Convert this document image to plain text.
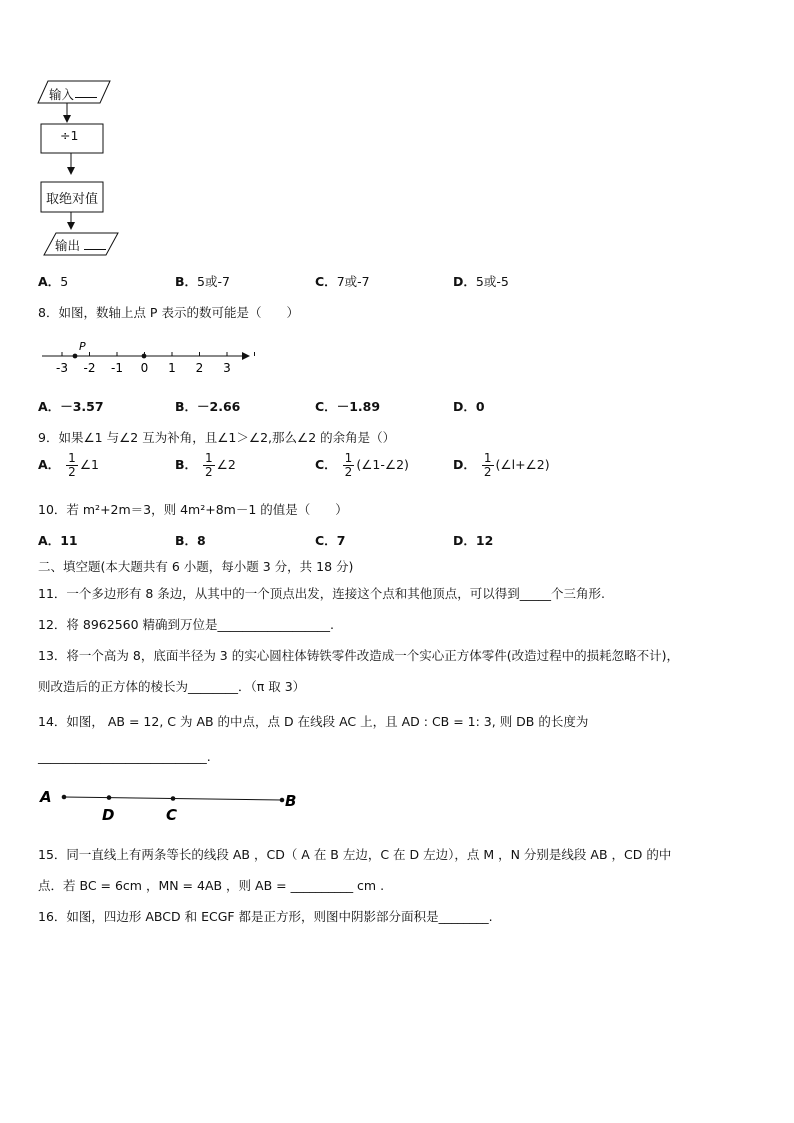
输入
÷1
取绝对值
输出
A．5	B．5或-7	C．7或-7	D．5或-5
8．如图，数轴上点 P 表示的数可能是（　　）
-3 -2 -1 0 1 2 3
P
A．－3.57	B．－2.66	C．－1.89	D．0
9．如果∠1 与∠2 互为补角，且∠1＞∠2,那么∠2 的余角是（）
A． $\frac{1}{2}$ ∠1	B． $\frac{1}{2}$ ∠2	C． $\frac{1}{2}$ (∠1-∠2)	D． $\frac{1}{2}$ (∠l+∠2)
10．若 m²+2m＝3，则 4m²+8m－1 的值是（　　）
A．11	B．8	C．7	D．12
二、填空题(本大题共有 6 小题，每小题 3 分，共 18 分)
11．一个多边形有 8 条边，从其中的一个顶点出发，连接这个点和其他顶点，可以得到_____个三角形.
12．将 8962560 精确到万位是__________________.
13．将一个高为 8，底面半径为 3 的实心圆柱体铸铁零件改造成一个实心正方体零件(改造过程中的损耗忽略不计)，
则改造后的正方体的棱长为________．（π 取 3）
14．如图， AB = 12, C 为 AB 的中点，点 D 在线段 AC 上，且 AD : CB = 1: 3, 则 DB 的长度为
___________________________.
A
D	C
B
15．同一直线上有两条等长的线段 AB ，CD（ A 在 B 左边，C 在 D 左边），点 M ，N 分别是线段 AB ，CD 的中
点．若 BC = 6cm ，MN = 4AB ，则 AB = __________ cm .
16．如图，四边形 ABCD 和 ECGF 都是正方形，则图中阴影部分面积是________.
